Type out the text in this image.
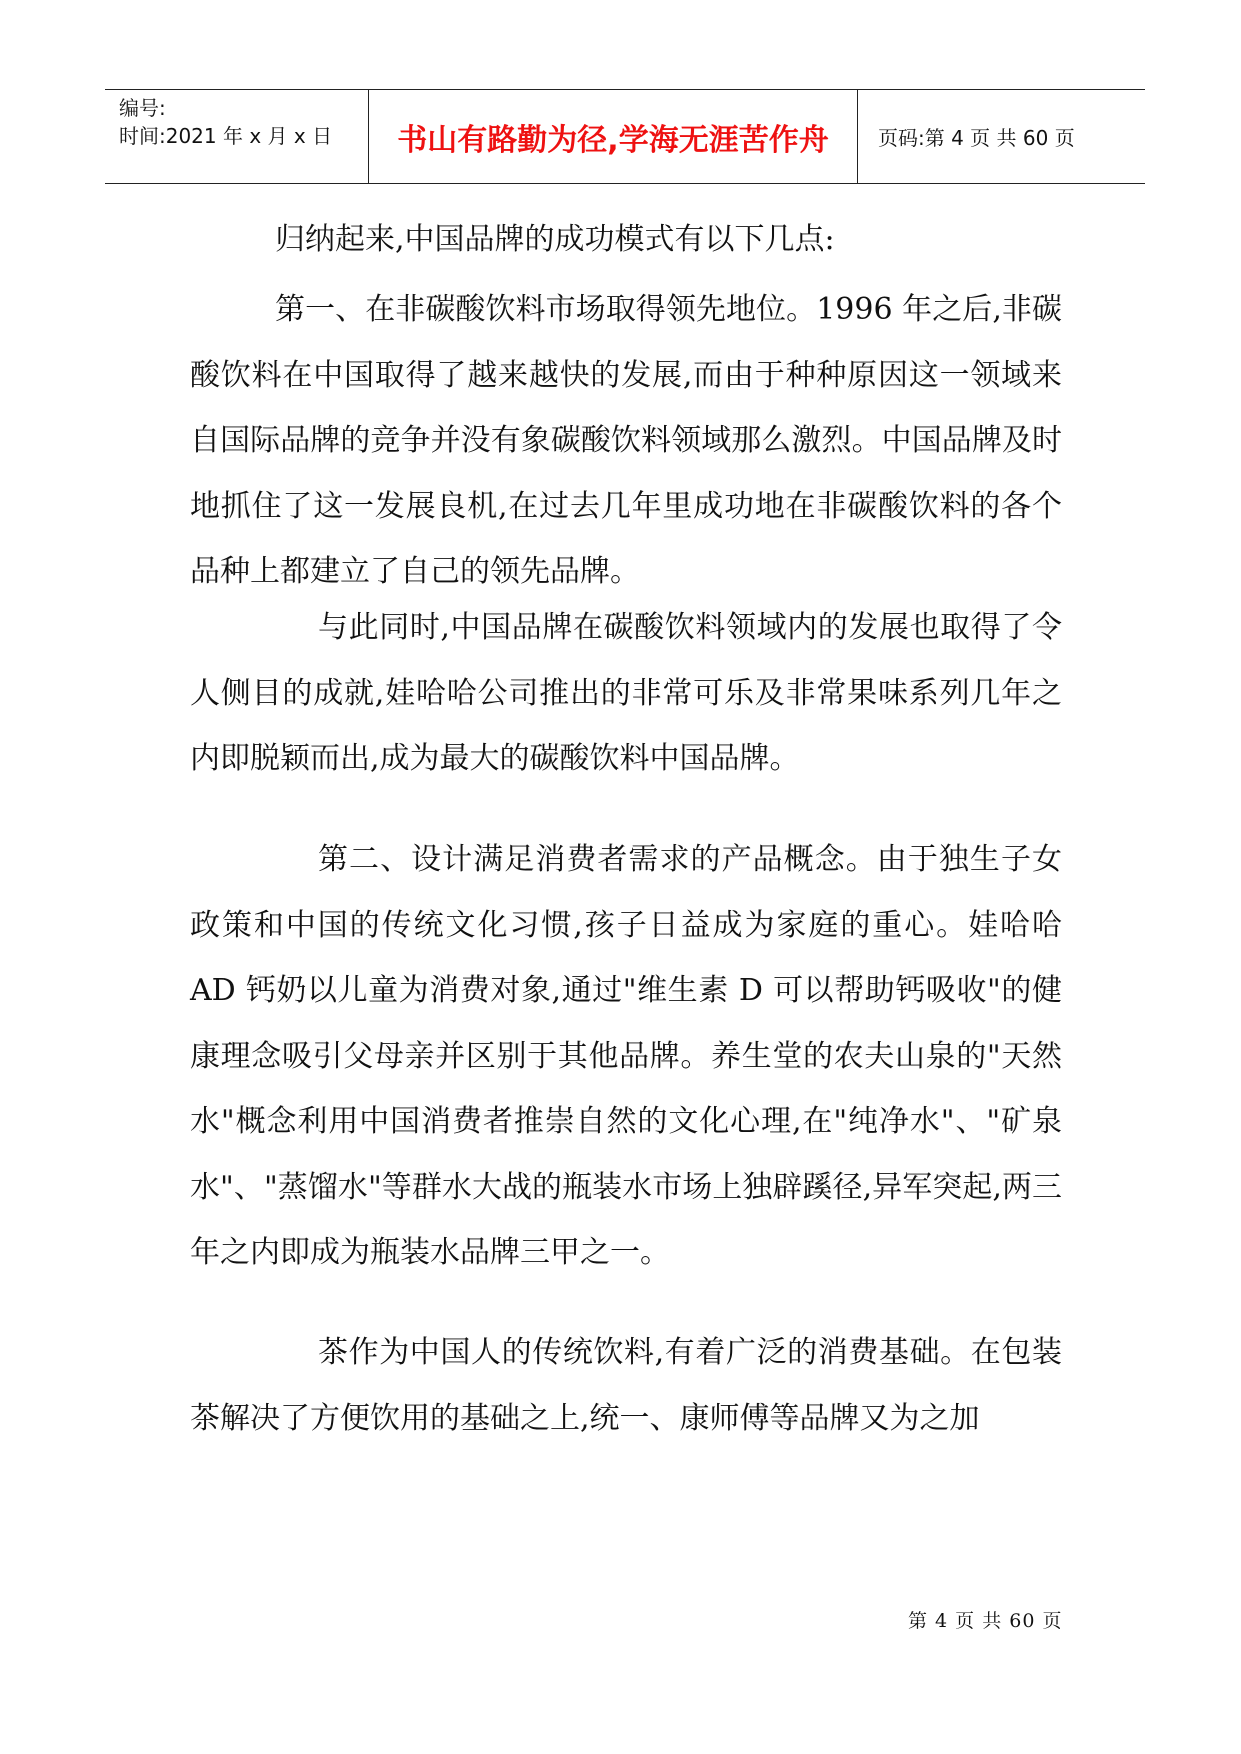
编号:
时间:2021 年 x 月 x 日	书山有路勤为径,学海无涯苦作舟	页码:第 4 页 共 60 页

归纳起来,中国品牌的成功模式有以下几点:

第一、在非碳酸饮料市场取得领先地位。1996 年之后,非碳酸饮料在中国取得了越来越快的发展,而由于种种原因这一领域来自国际品牌的竞争并没有象碳酸饮料领域那么激烈。中国品牌及时地抓住了这一发展良机,在过去几年里成功地在非碳酸饮料的各个品种上都建立了自己的领先品牌。

与此同时,中国品牌在碳酸饮料领域内的发展也取得了令人侧目的成就,娃哈哈公司推出的非常可乐及非常果味系列几年之内即脱颖而出,成为最大的碳酸饮料中国品牌。

第二、设计满足消费者需求的产品概念。由于独生子女政策和中国的传统文化习惯,孩子日益成为家庭的重心。娃哈哈 AD 钙奶以儿童为消费对象,通过"维生素 D 可以帮助钙吸收"的健康理念吸引父母亲并区别于其他品牌。养生堂的农夫山泉的"天然水"概念利用中国消费者推崇自然的文化心理,在"纯净水"、"矿泉水"、"蒸馏水"等群水大战的瓶装水市场上独辟蹊径,异军突起,两三年之内即成为瓶装水品牌三甲之一。

茶作为中国人的传统饮料,有着广泛的消费基础。在包装茶解决了方便饮用的基础之上,统一、康师傅等品牌又为之加

第 4 页 共 60 页
